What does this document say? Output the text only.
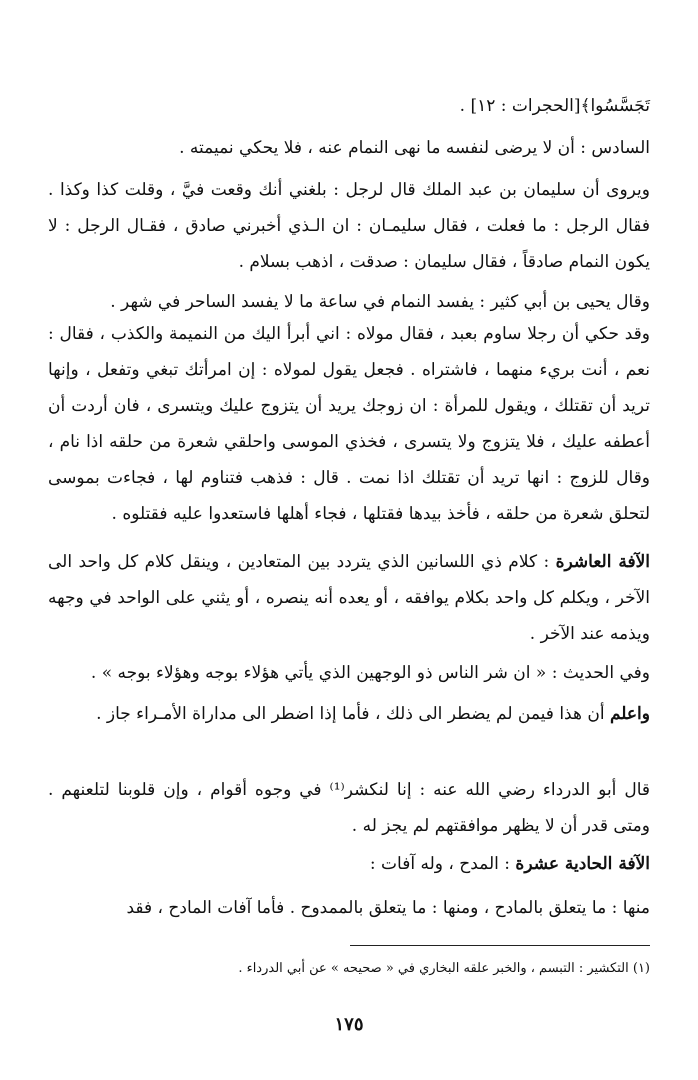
تَجَسَّسُوا﴾[الحجرات : ١٢] .
السادس : أن لا يرضى لنفسه ما نهى النمام عنه ، فلا يحكي نميمته .
ويروى أن سليمان بن عبد الملك قال لرجل : بلغني أنك وقعت فيَّ ، وقلت كذا وكذا . فقال الرجل : ما فعلت ، فقال سليمـان : ان الـذي أخبرني صادق ، فقـال الرجل : لا يكون النمام صادقاً ، فقال سليمان : صدقت ، اذهب بسلام .
وقال يحيى بن أبي كثير : يفسد النمام في ساعة ما لا يفسد الساحر في شهر .
وقد حكي أن رجلا ساوم بعبد ، فقال مولاه : اني أبرأ اليك من النميمة والكذب ، فقال : نعم ، أنت بريء منهما ، فاشتراه . فجعل يقول لمولاه : إن امرأتك تبغي وتفعل ، وإنها تريد أن تقتلك ، ويقول للمرأة : ان زوجك يريد أن يتزوج عليك ويتسرى ، فان أردت أن أعطفه عليك ، فلا يتزوج ولا يتسرى ، فخذي الموسى واحلقي شعرة من حلقه اذا نام ، وقال للزوج : انها تريد أن تقتلك اذا نمت . قال : فذهب فتناوم لها ، فجاءت بموسى لتحلق شعرة من حلقه ، فأخذ بيدها فقتلها ، فجاء أهلها فاستعدوا عليه فقتلوه .
الآفة العاشرة : كلام ذي اللسانين الذي يتردد بين المتعادين ، وينقل كلام كل واحد الى الآخر ، ويكلم كل واحد بكلام يوافقه ، أو يعده أنه ينصره ، أو يثني على الواحد في وجهه ويذمه عند الآخر .
وفي الحديث : « ان شر الناس ذو الوجهين الذي يأتي هؤلاء بوجه وهؤلاء بوجه » .
واعلم أن هذا فيمن لم يضطر الى ذلك ، فأما إذا اضطر الى مداراة الأمـراء جاز .
قال أبو الدرداء رضي الله عنه : إنا لنكشر⁽¹⁾ في وجوه أقوام ، وإن قلوبنا لتلعنهم . ومتى قدر أن لا يظهر موافقتهم لم يجز له .
الآفة الحادية عشرة : المدح ، وله آفات :
منها : ما يتعلق بالمادح ، ومنها : ما يتعلق بالممدوح . فأما آفات المادح ، فقد
(١) التكشير : التبسم ، والخبر علقه البخاري في « صحيحه » عن أبي الدرداء .
١٧٥
